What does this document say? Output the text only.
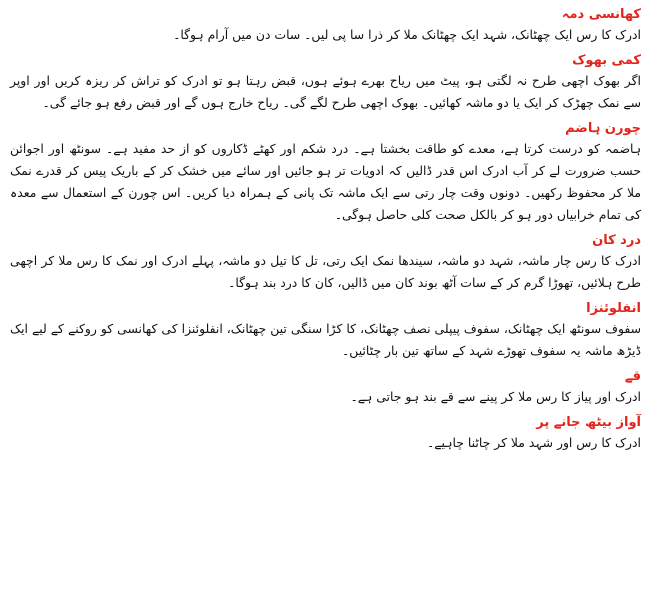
کھانسی دمہ

ادرک کا رس ایک چھٹانک، شہد ایک چھٹانک ملا کر ذرا سا پی لیں۔ سات دن میں آرام ہوگا۔

کمی بھوک

اگر بھوک اچھی طرح نہ لگتی ہو، پیٹ میں ریاح بھرے ہوئے ہوں، قبض رہتا ہو تو ادرک کو تراش کر ریزہ کریں اور اوپر سے نمک چھڑک کر ایک یا دو ماشہ کھائیں۔ بھوک اچھی طرح لگے گی۔ ریاح خارج ہوں گے اور قبض رفع ہو جائے گی۔

چورن ہاضم

ہاضمہ کو درست کرتا ہے، معدے کو طاقت بخشتا ہے۔ درد شکم اور کھٹے ڈکاروں کو از حد مفید ہے۔ سونٹھ اور اجوائن حسب ضرورت لے کر آب ادرک اس قدر ڈالیں کہ ادویات تر ہو جائیں اور سائے میں خشک کر کے باریک پیس کر قدرے نمک ملا کر محفوظ رکھیں۔ دونوں وقت چار رتی سے ایک ماشہ تک پانی کے ہمراہ دیا کریں۔ اس چورن کے استعمال سے معدہ کی تمام خرابیاں دور ہو کر بالکل صحت کلی حاصل ہوگی۔

درد کان

ادرک کا رس چار ماشہ، شہد دو ماشہ، سیندھا نمک ایک رتی، تل کا تیل دو ماشہ، پہلے ادرک اور نمک کا رس ملا کر اچھی طرح ہلائیں، تھوڑا گرم کر کے سات آٹھ بوند کان میں ڈالیں، کان کا درد بند ہوگا۔

انفلوئنزا

سفوف سونٹھ ایک چھٹانک، سفوف پیپلی نصف چھٹانک، کا کڑا سنگی تین چھٹانک، انفلوئنزا کی کھانسی کو روکنے کے لیے ایک ڈیڑھ ماشہ یہ سفوف تھوڑے شہد کے ساتھ تین بار چٹائیں۔

قے

ادرک اور پیاز کا رس ملا کر پینے سے قے بند ہو جاتی ہے۔

آواز بیٹھ جانے پر

ادرک کا رس اور شہد ملا کر چاٹنا چاہیے۔
